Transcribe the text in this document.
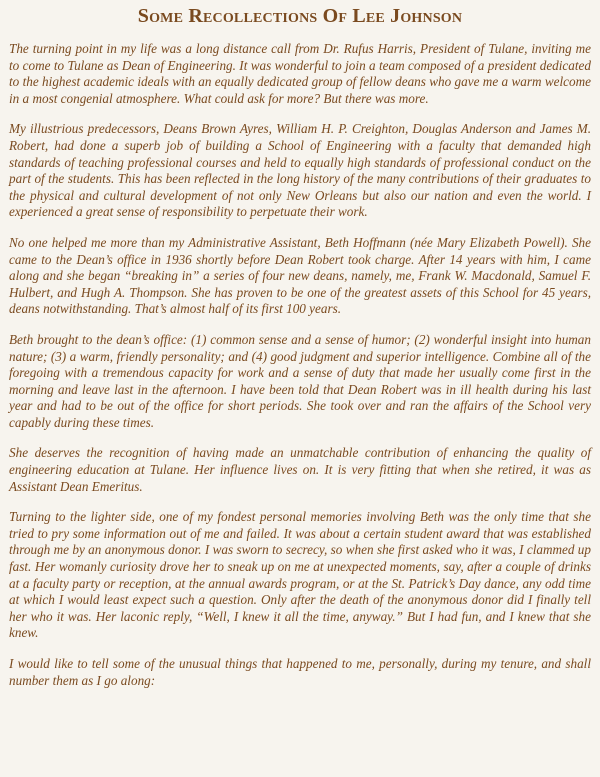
Some Recollections Of Lee Johnson

The turning point in my life was a long distance call from Dr. Rufus Harris, President of Tulane, inviting me to come to Tulane as Dean of Engineering. It was wonderful to join a team composed of a president dedicated to the highest academic ideals with an equally dedicated group of fellow deans who gave me a warm welcome in a most congenial atmosphere. What could ask for more? But there was more.

My illustrious predecessors, Deans Brown Ayres, William H. P. Creighton, Douglas Anderson and James M. Robert, had done a superb job of building a School of Engineering with a faculty that demanded high standards of teaching professional courses and held to equally high standards of professional conduct on the part of the students. This has been reflected in the long history of the many contributions of their graduates to the physical and cultural development of not only New Orleans but also our nation and even the world. I experienced a great sense of responsibility to perpetuate their work.

No one helped me more than my Administrative Assistant, Beth Hoffmann (née Mary Elizabeth Powell). She came to the Dean’s office in 1936 shortly before Dean Robert took charge. After 14 years with him, I came along and she began “breaking in” a series of four new deans, namely, me, Frank W. Macdonald, Samuel F. Hulbert, and Hugh A. Thompson. She has proven to be one of the greatest assets of this School for 45 years, deans notwithstanding. That’s almost half of its first 100 years.

Beth brought to the dean’s office: (1) common sense and a sense of humor; (2) wonderful insight into human nature; (3) a warm, friendly personality; and (4) good judgment and superior intelligence. Combine all of the foregoing with a tremendous capacity for work and a sense of duty that made her usually come first in the morning and leave last in the afternoon. I have been told that Dean Robert was in ill health during his last year and had to be out of the office for short periods. She took over and ran the affairs of the School very capably during these times.

She deserves the recognition of having made an unmatchable contribution of enhancing the quality of engineering education at Tulane. Her influence lives on. It is very fitting that when she retired, it was as Assistant Dean Emeritus.

Turning to the lighter side, one of my fondest personal memories involving Beth was the only time that she tried to pry some information out of me and failed. It was about a certain student award that was established through me by an anonymous donor. I was sworn to secrecy, so when she first asked who it was, I clammed up fast. Her womanly curiosity drove her to sneak up on me at unexpected moments, say, after a couple of drinks at a faculty party or reception, at the annual awards program, or at the St. Patrick’s Day dance, any odd time at which I would least expect such a question. Only after the death of the anonymous donor did I finally tell her who it was. Her laconic reply, “Well, I knew it all the time, anyway.” But I had fun, and I knew that she knew.

I would like to tell some of the unusual things that happened to me, personally, during my tenure, and shall number them as I go along:
